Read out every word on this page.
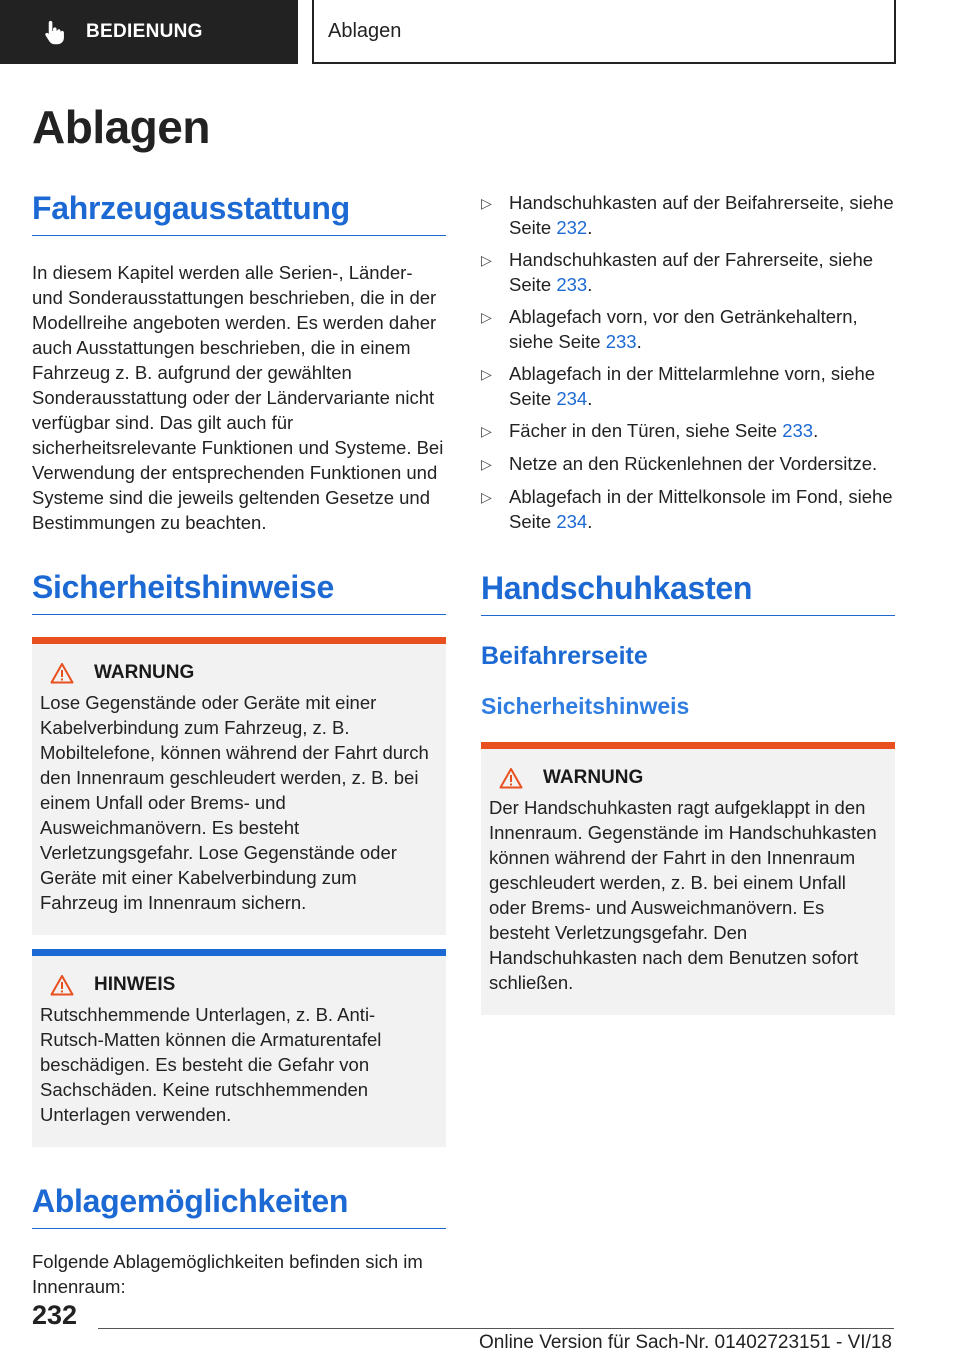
BEDIENUNG	Ablagen
Ablagen
Fahrzeugausstattung

In diesem Kapitel werden alle Serien-, Länder- und Sonderausstattungen beschrieben, die in der Modellreihe angeboten werden. Es werden daher auch Ausstattungen beschrieben, die in einem Fahrzeug z. B. aufgrund der gewählten Sonderausstattung oder der Ländervariante nicht verfügbar sind. Das gilt auch für sicherheitsrelevante Funktionen und Systeme. Bei Verwendung der entsprechenden Funktionen und Systeme sind die jeweils geltenden Gesetze und Bestimmungen zu beachten.

Sicherheitshinweise
WARNUNG

Lose Gegenstände oder Geräte mit einer Kabelverbindung zum Fahrzeug, z. B. Mobiltelefone, können während der Fahrt durch den Innenraum geschleudert werden, z. B. bei einem Unfall oder Brems- und Ausweichmanövern. Es besteht Verletzungsgefahr. Lose Gegenstände oder Geräte mit einer Kabelverbindung zum Fahrzeug im Innenraum sichern.

HINWEIS

Rutschhemmende Unterlagen, z. B. Anti-Rutsch-Matten können die Armaturentafel beschädigen. Es besteht die Gefahr von Sachschäden. Keine rutschhemmenden Unterlagen verwenden.

Ablagemöglichkeiten

Folgende Ablagemöglichkeiten befinden sich im Innenraum:

▷ Handschuhkasten auf der Beifahrerseite, siehe Seite 232.
▷ Handschuhkasten auf der Fahrerseite, siehe Seite 233.
▷ Ablagefach vorn, vor den Getränkehaltern, siehe Seite 233.
▷ Ablagefach in der Mittelarmlehne vorn, siehe Seite 234.
▷ Fächer in den Türen, siehe Seite 233.
▷ Netze an den Rückenlehnen der Vordersitze.
▷ Ablagefach in der Mittelkonsole im Fond, siehe Seite 234.
Handschuhkasten
Beifahrerseite
Sicherheitshinweis
WARNUNG

Der Handschuhkasten ragt aufgeklappt in den Innenraum. Gegenstände im Handschuhkasten können während der Fahrt in den Innenraum geschleudert werden, z. B. bei einem Unfall oder Brems- und Ausweichmanövern. Es besteht Verletzungsgefahr. Den Handschuhkasten nach dem Benutzen sofort schließen.

232
Online Version für Sach-Nr. 01402723151 - VI/18
